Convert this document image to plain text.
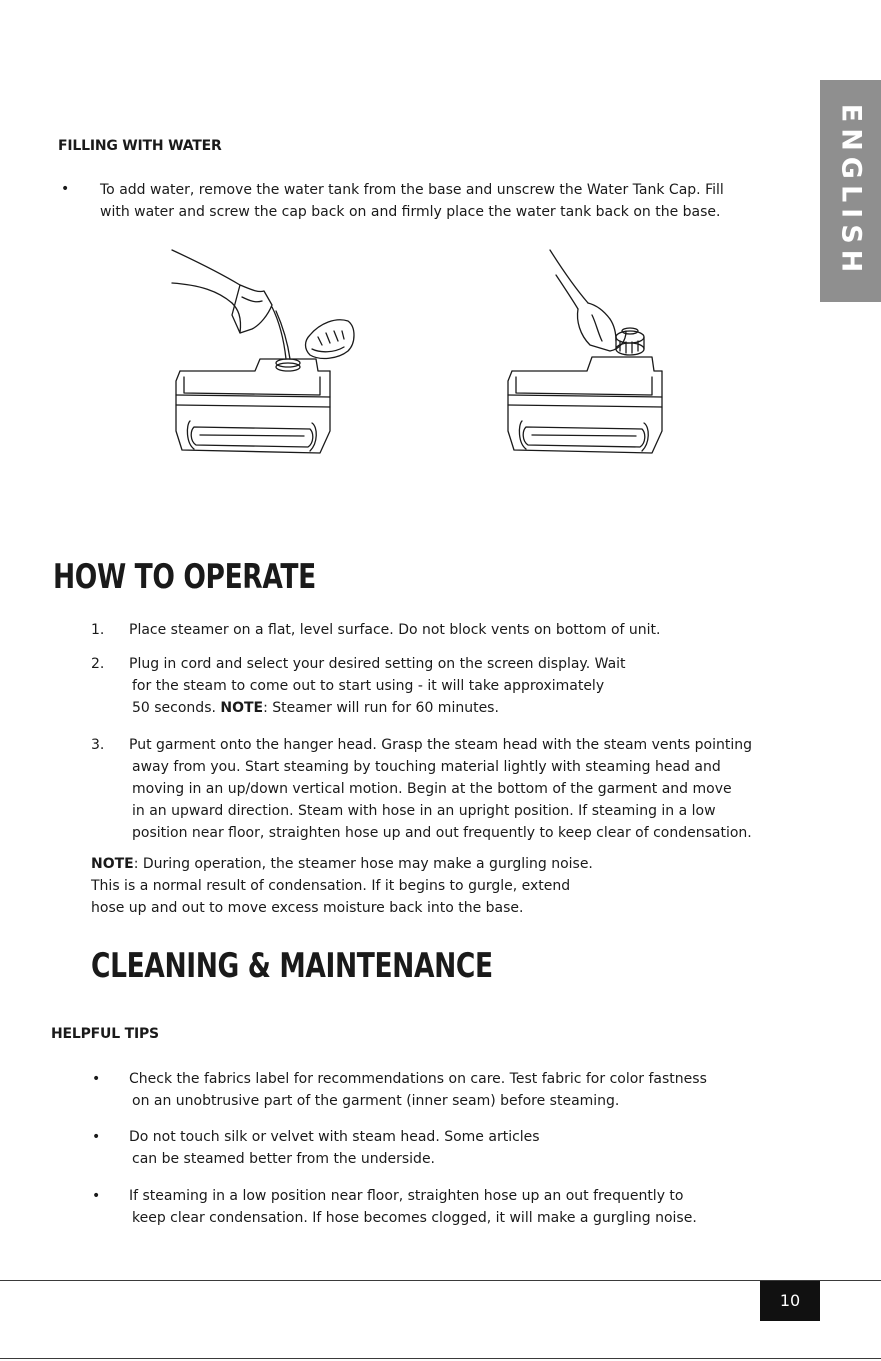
ENGLISH
FILLING WITH WATER
• To add water, remove the water tank from the base and unscrew the Water Tank Cap. Fill
with water and screw the cap back on and firmly place the water tank back on the base.
HOW TO OPERATE
1. Place steamer on a flat, level surface. Do not block vents on bottom of unit.
2. Plug in cord and select your desired setting on the screen display. Wait
for the steam to come out to start using - it will take approximately
50 seconds. NOTE: Steamer will run for 60 minutes.
3. Put garment onto the hanger head. Grasp the steam head with the steam vents pointing
away from you. Start steaming by touching material lightly with steaming head and
moving in an up/down vertical motion. Begin at the bottom of the garment and move
in an upward direction. Steam with hose in an upright position. If steaming in a low
position near floor, straighten hose up and out frequently to keep clear of condensation.
NOTE: During operation, the steamer hose may make a gurgling noise.
This is a normal result of condensation. If it begins to gurgle, extend
hose up and out to move excess moisture back into the base.
CLEANING & MAINTENANCE
HELPFUL TIPS
• Check the fabrics label for recommendations on care. Test fabric for color fastness
on an unobtrusive part of the garment (inner seam) before steaming.
• Do not touch silk or velvet with steam head. Some articles
can be steamed better from the underside.
• If steaming in a low position near floor, straighten hose up an out frequently to
keep clear condensation. If hose becomes clogged, it will make a gurgling noise.
10
